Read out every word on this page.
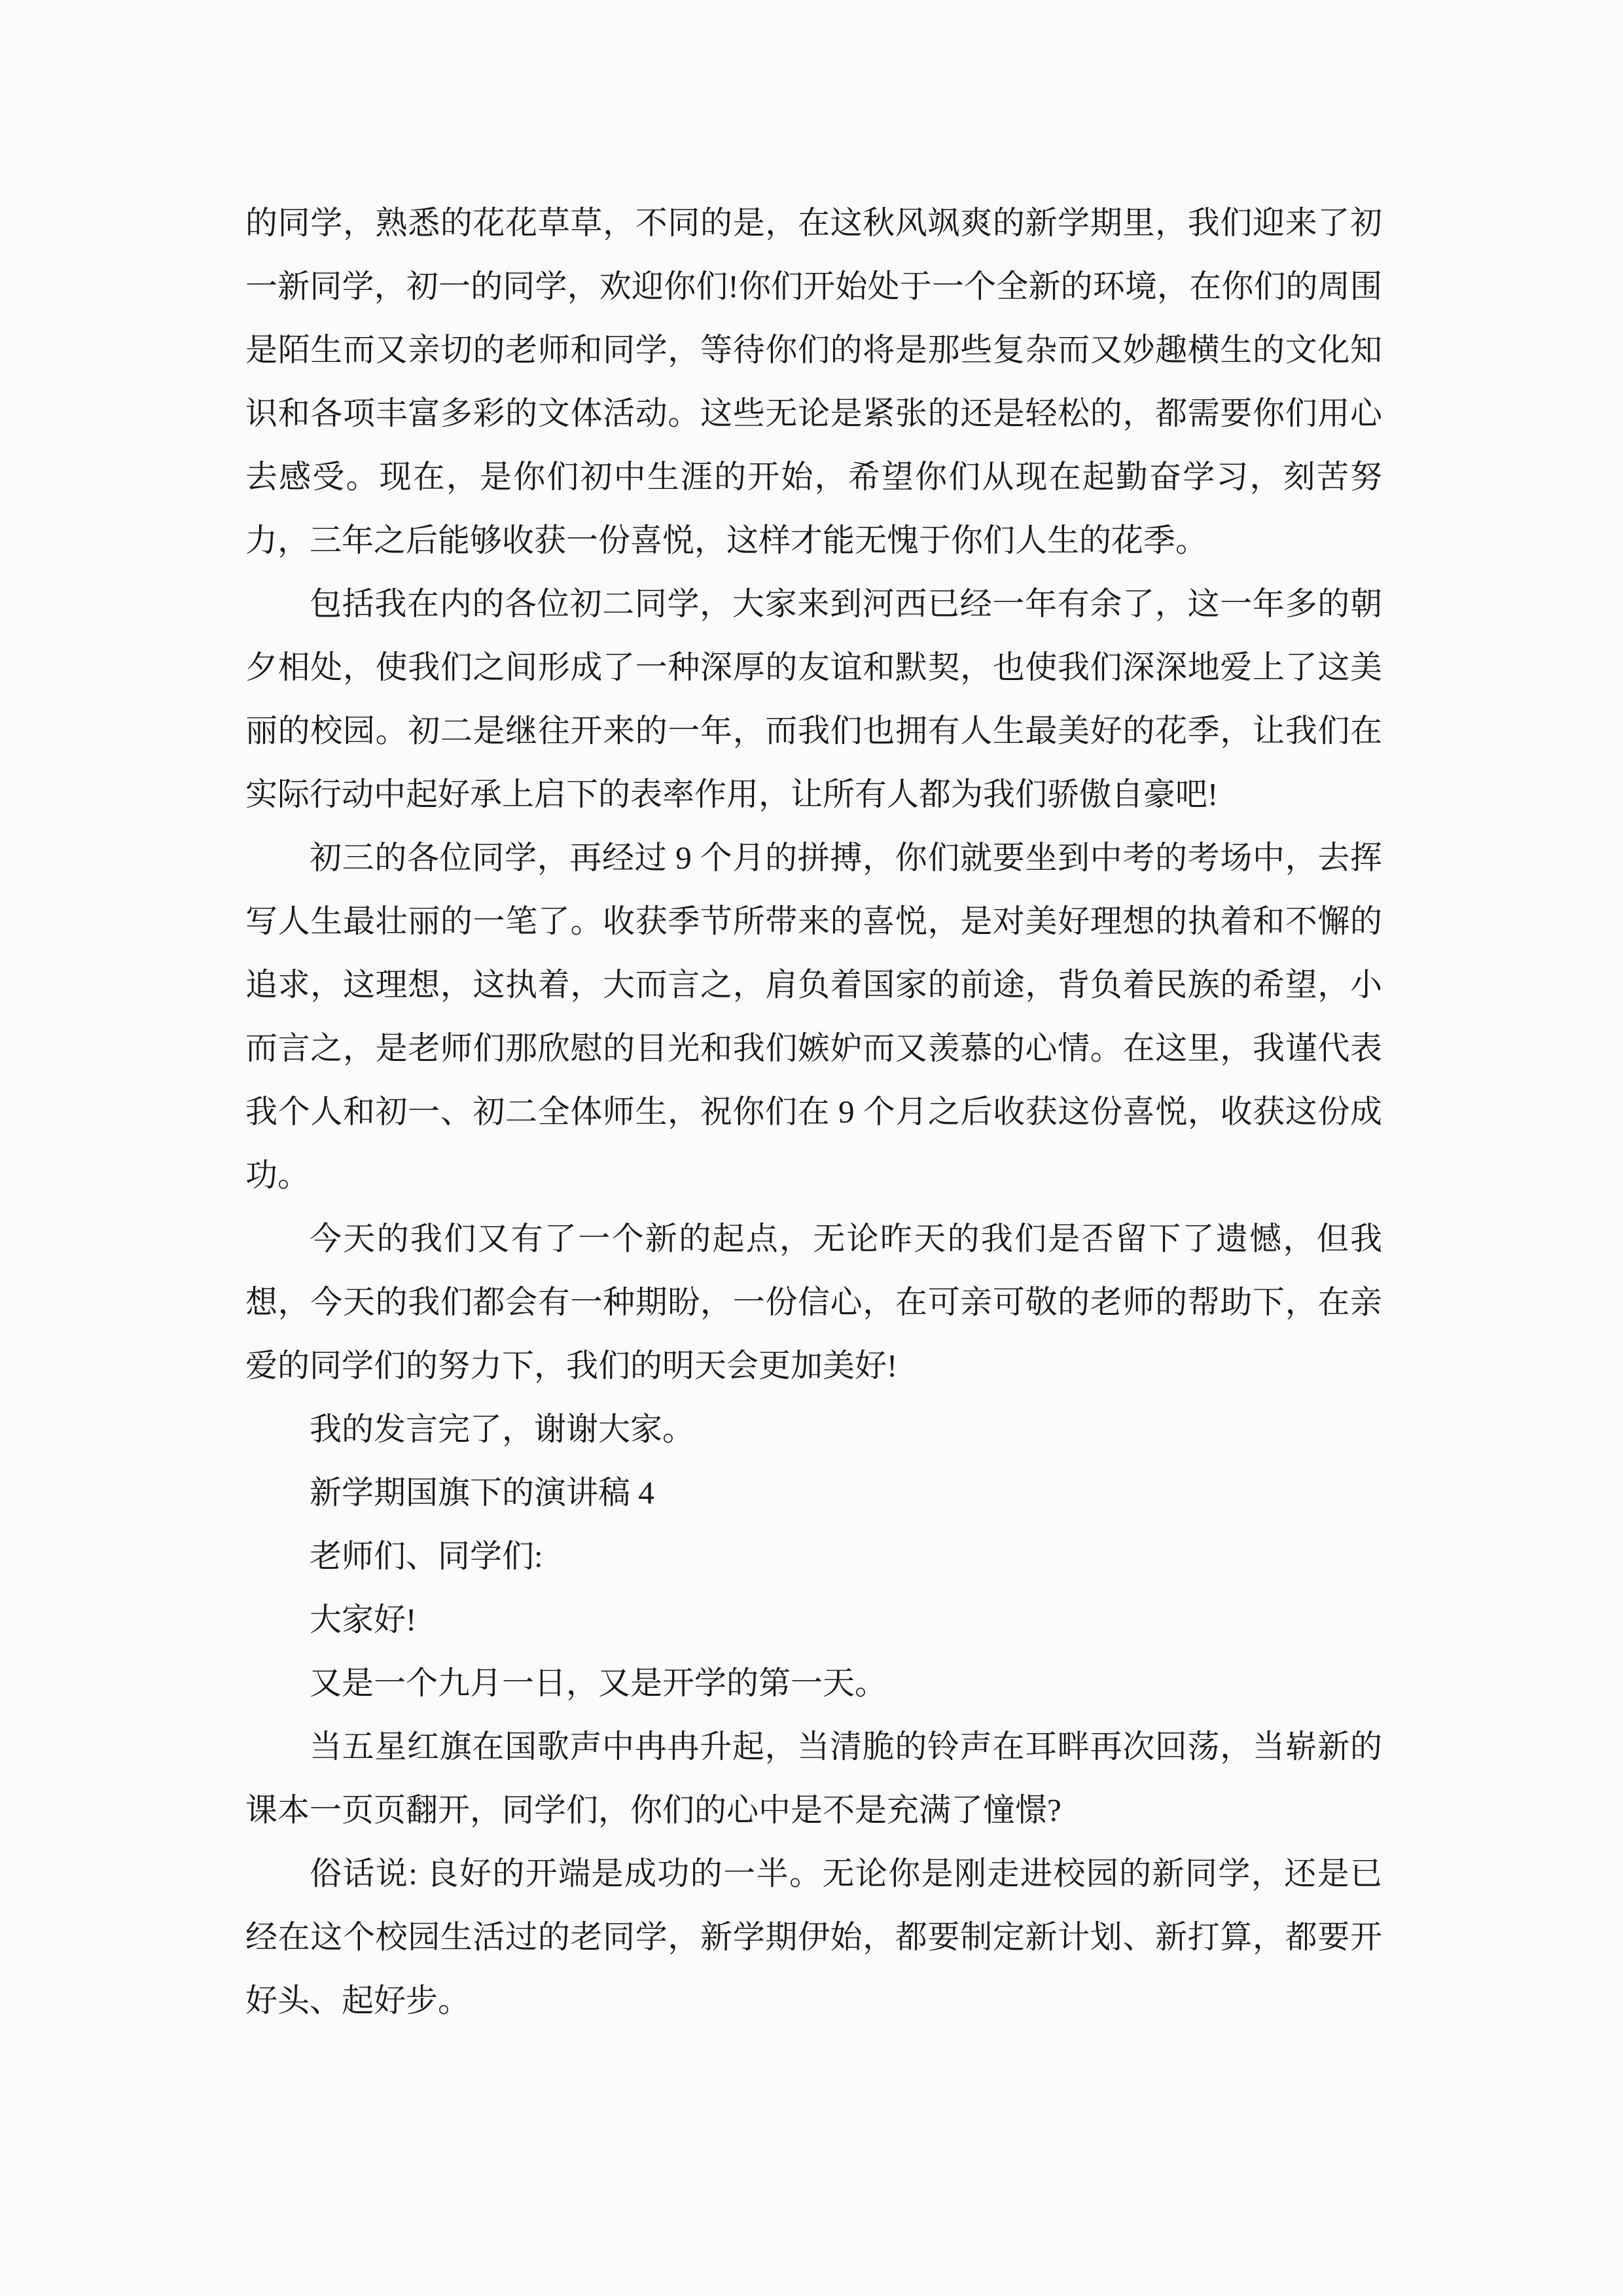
的同学，熟悉的花花草草，不同的是，在这秋风飒爽的新学期里，我们迎来了初一新同学，初一的同学，欢迎你们!你们开始处于一个全新的环境，在你们的周围是陌生而又亲切的老师和同学，等待你们的将是那些复杂而又妙趣横生的文化知识和各项丰富多彩的文体活动。这些无论是紧张的还是轻松的，都需要你们用心去感受。现在，是你们初中生涯的开始，希望你们从现在起勤奋学习，刻苦努力，三年之后能够收获一份喜悦，这样才能无愧于你们人生的花季。

包括我在内的各位初二同学，大家来到河西已经一年有余了，这一年多的朝夕相处，使我们之间形成了一种深厚的友谊和默契，也使我们深深地爱上了这美丽的校园。初二是继往开来的一年，而我们也拥有人生最美好的花季，让我们在实际行动中起好承上启下的表率作用，让所有人都为我们骄傲自豪吧!

初三的各位同学，再经过 9 个月的拼搏，你们就要坐到中考的考场中，去挥写人生最壮丽的一笔了。收获季节所带来的喜悦，是对美好理想的执着和不懈的追求，这理想，这执着，大而言之，肩负着国家的前途，背负着民族的希望，小而言之，是老师们那欣慰的目光和我们嫉妒而又羡慕的心情。在这里，我谨代表我个人和初一、初二全体师生，祝你们在 9 个月之后收获这份喜悦，收获这份成功。

今天的我们又有了一个新的起点，无论昨天的我们是否留下了遗憾，但我想，今天的我们都会有一种期盼，一份信心，在可亲可敬的老师的帮助下，在亲爱的同学们的努力下，我们的明天会更加美好!

我的发言完了，谢谢大家。

新学期国旗下的演讲稿 4

老师们、同学们:

大家好!

又是一个九月一日，又是开学的第一天。

当五星红旗在国歌声中冉冉升起，当清脆的铃声在耳畔再次回荡，当崭新的课本一页页翻开，同学们，你们的心中是不是充满了憧憬?

俗话说: 良好的开端是成功的一半。无论你是刚走进校园的新同学，还是已经在这个校园生活过的老同学，新学期伊始，都要制定新计划、新打算，都要开好头、起好步。
